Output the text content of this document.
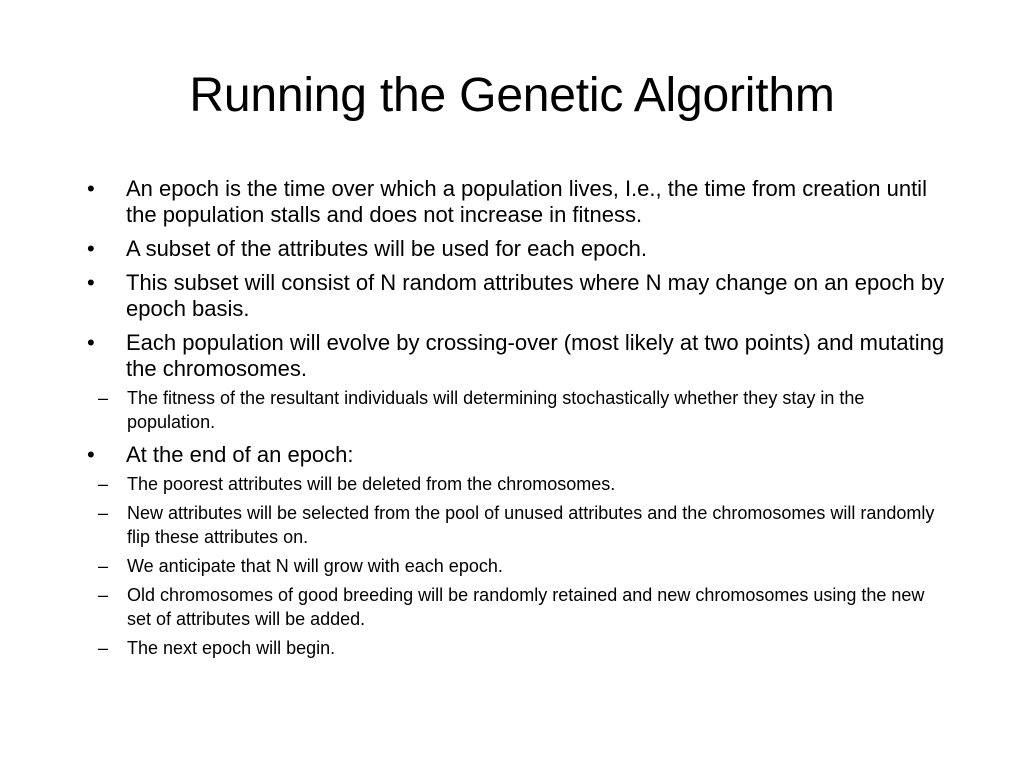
Running the Genetic Algorithm
• An epoch is the time over which a population lives, I.e., the time from creation until the population stalls and does not increase in fitness.
• A subset of the attributes will be used for each epoch.
• This subset will consist of N random attributes where N may change on an epoch by epoch basis.
• Each population will evolve by crossing-over (most likely at two points) and mutating the chromosomes.
– The fitness of the resultant individuals will determining stochastically whether they stay in the population.
• At the end of an epoch:
– The poorest attributes will be deleted from the chromosomes.
– New attributes will be selected from the pool of unused attributes and the chromosomes will randomly flip these attributes on.
– We anticipate that N will grow with each epoch.
– Old chromosomes of good breeding will be randomly retained and new chromosomes using the new set of attributes will be added.
– The next epoch will begin.
